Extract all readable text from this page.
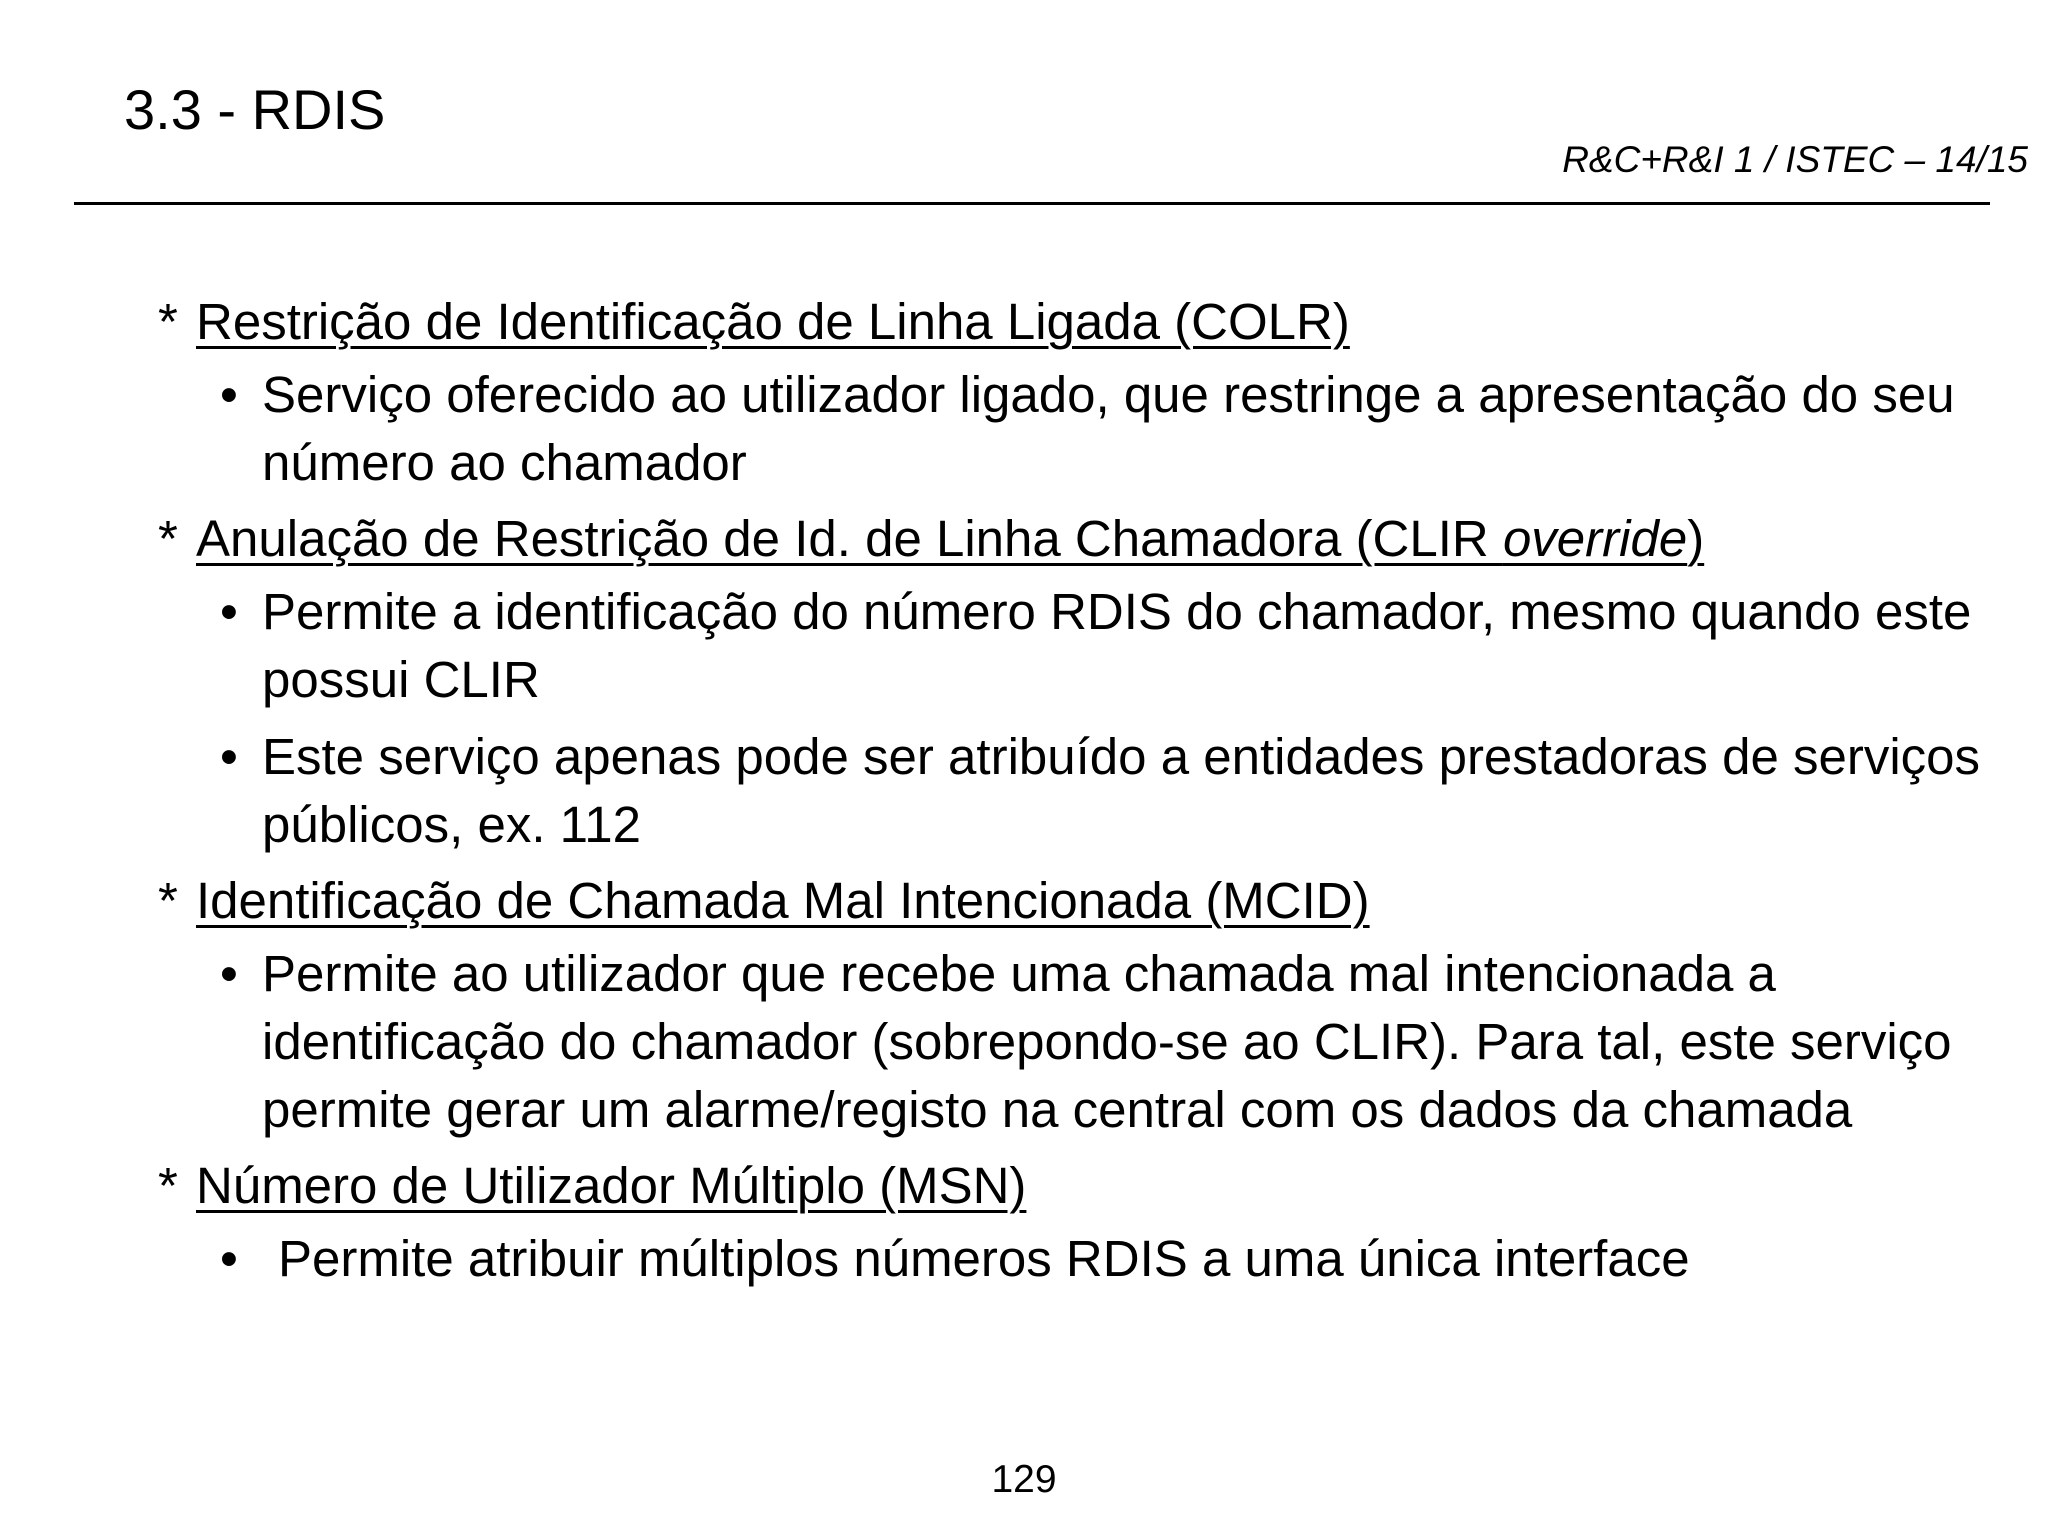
3.3 - RDIS
R&C+R&I 1 / ISTEC – 14/15
* Restrição de Identificação de Linha Ligada (COLR)
• Serviço oferecido ao utilizador ligado, que restringe a apresentação do seu número ao chamador
* Anulação de Restrição de Id. de Linha Chamadora (CLIR override)
• Permite a identificação do número RDIS do chamador, mesmo quando este possui CLIR
• Este serviço apenas pode ser atribuído a entidades prestadoras de serviços públicos, ex. 112
* Identificação de Chamada Mal Intencionada (MCID)
• Permite ao utilizador que recebe uma chamada mal intencionada a identificação do chamador (sobrepondo-se ao CLIR). Para tal, este serviço permite gerar um alarme/registo na central com os dados da chamada
* Número de Utilizador Múltiplo (MSN)
• Permite atribuir múltiplos números RDIS a uma única interface
129
